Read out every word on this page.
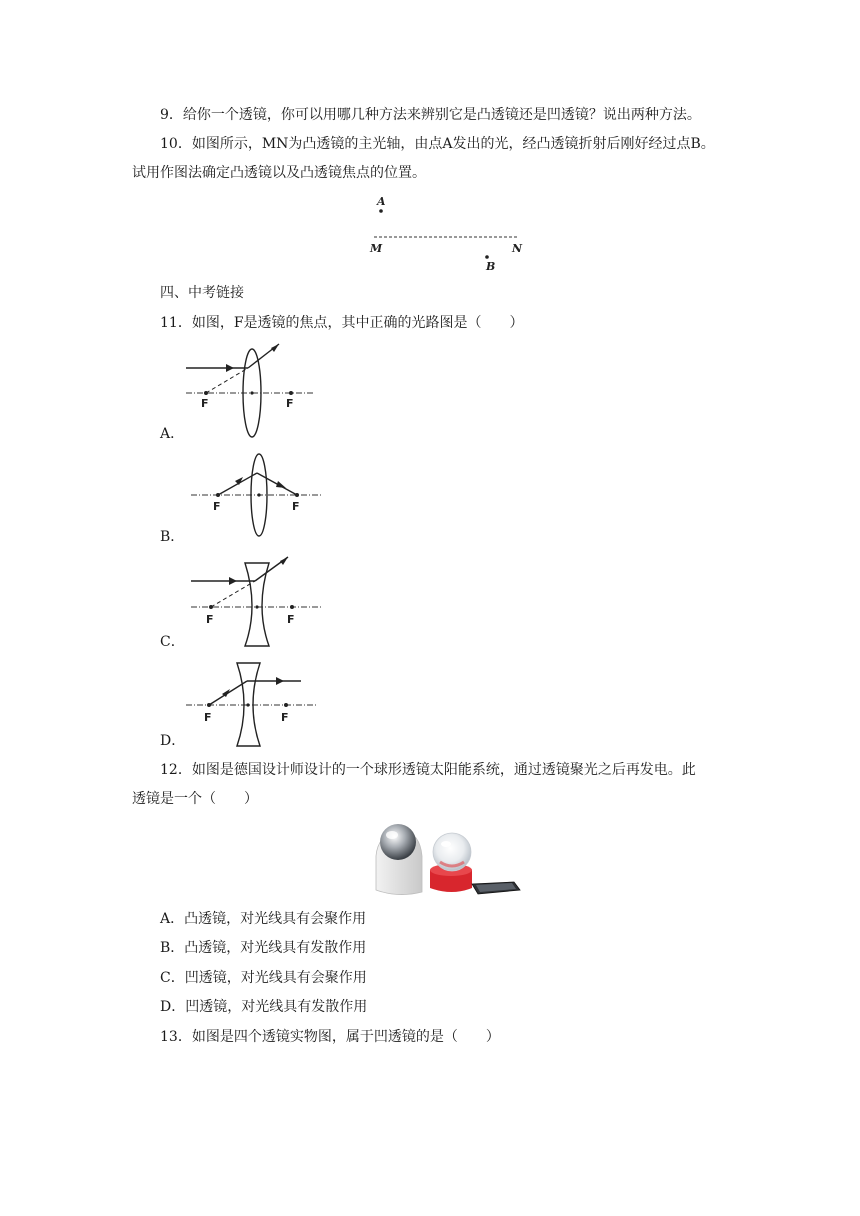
9．给你一个透镜，你可以用哪几种方法来辨别它是凸透镜还是凹透镜？说出两种方法。
10．如图所示，MN为凸透镜的主光轴，由点A发出的光，经凸透镜折射后刚好经过点B。
试用作图法确定凸透镜以及凸透镜焦点的位置。
A
M	N
B
四、中考链接
11．如图，F是透镜的焦点，其中正确的光路图是（　　）
F	F
A．
F	F
B．
F	F
C．
F	F
D．
12．如图是德国设计师设计的一个球形透镜太阳能系统，通过透镜聚光之后再发电。此
透镜是一个（　　）
A．凸透镜，对光线具有会聚作用
B．凸透镜，对光线具有发散作用
C．凹透镜，对光线具有会聚作用
D．凹透镜，对光线具有发散作用
13．如图是四个透镜实物图，属于凹透镜的是（　　）
